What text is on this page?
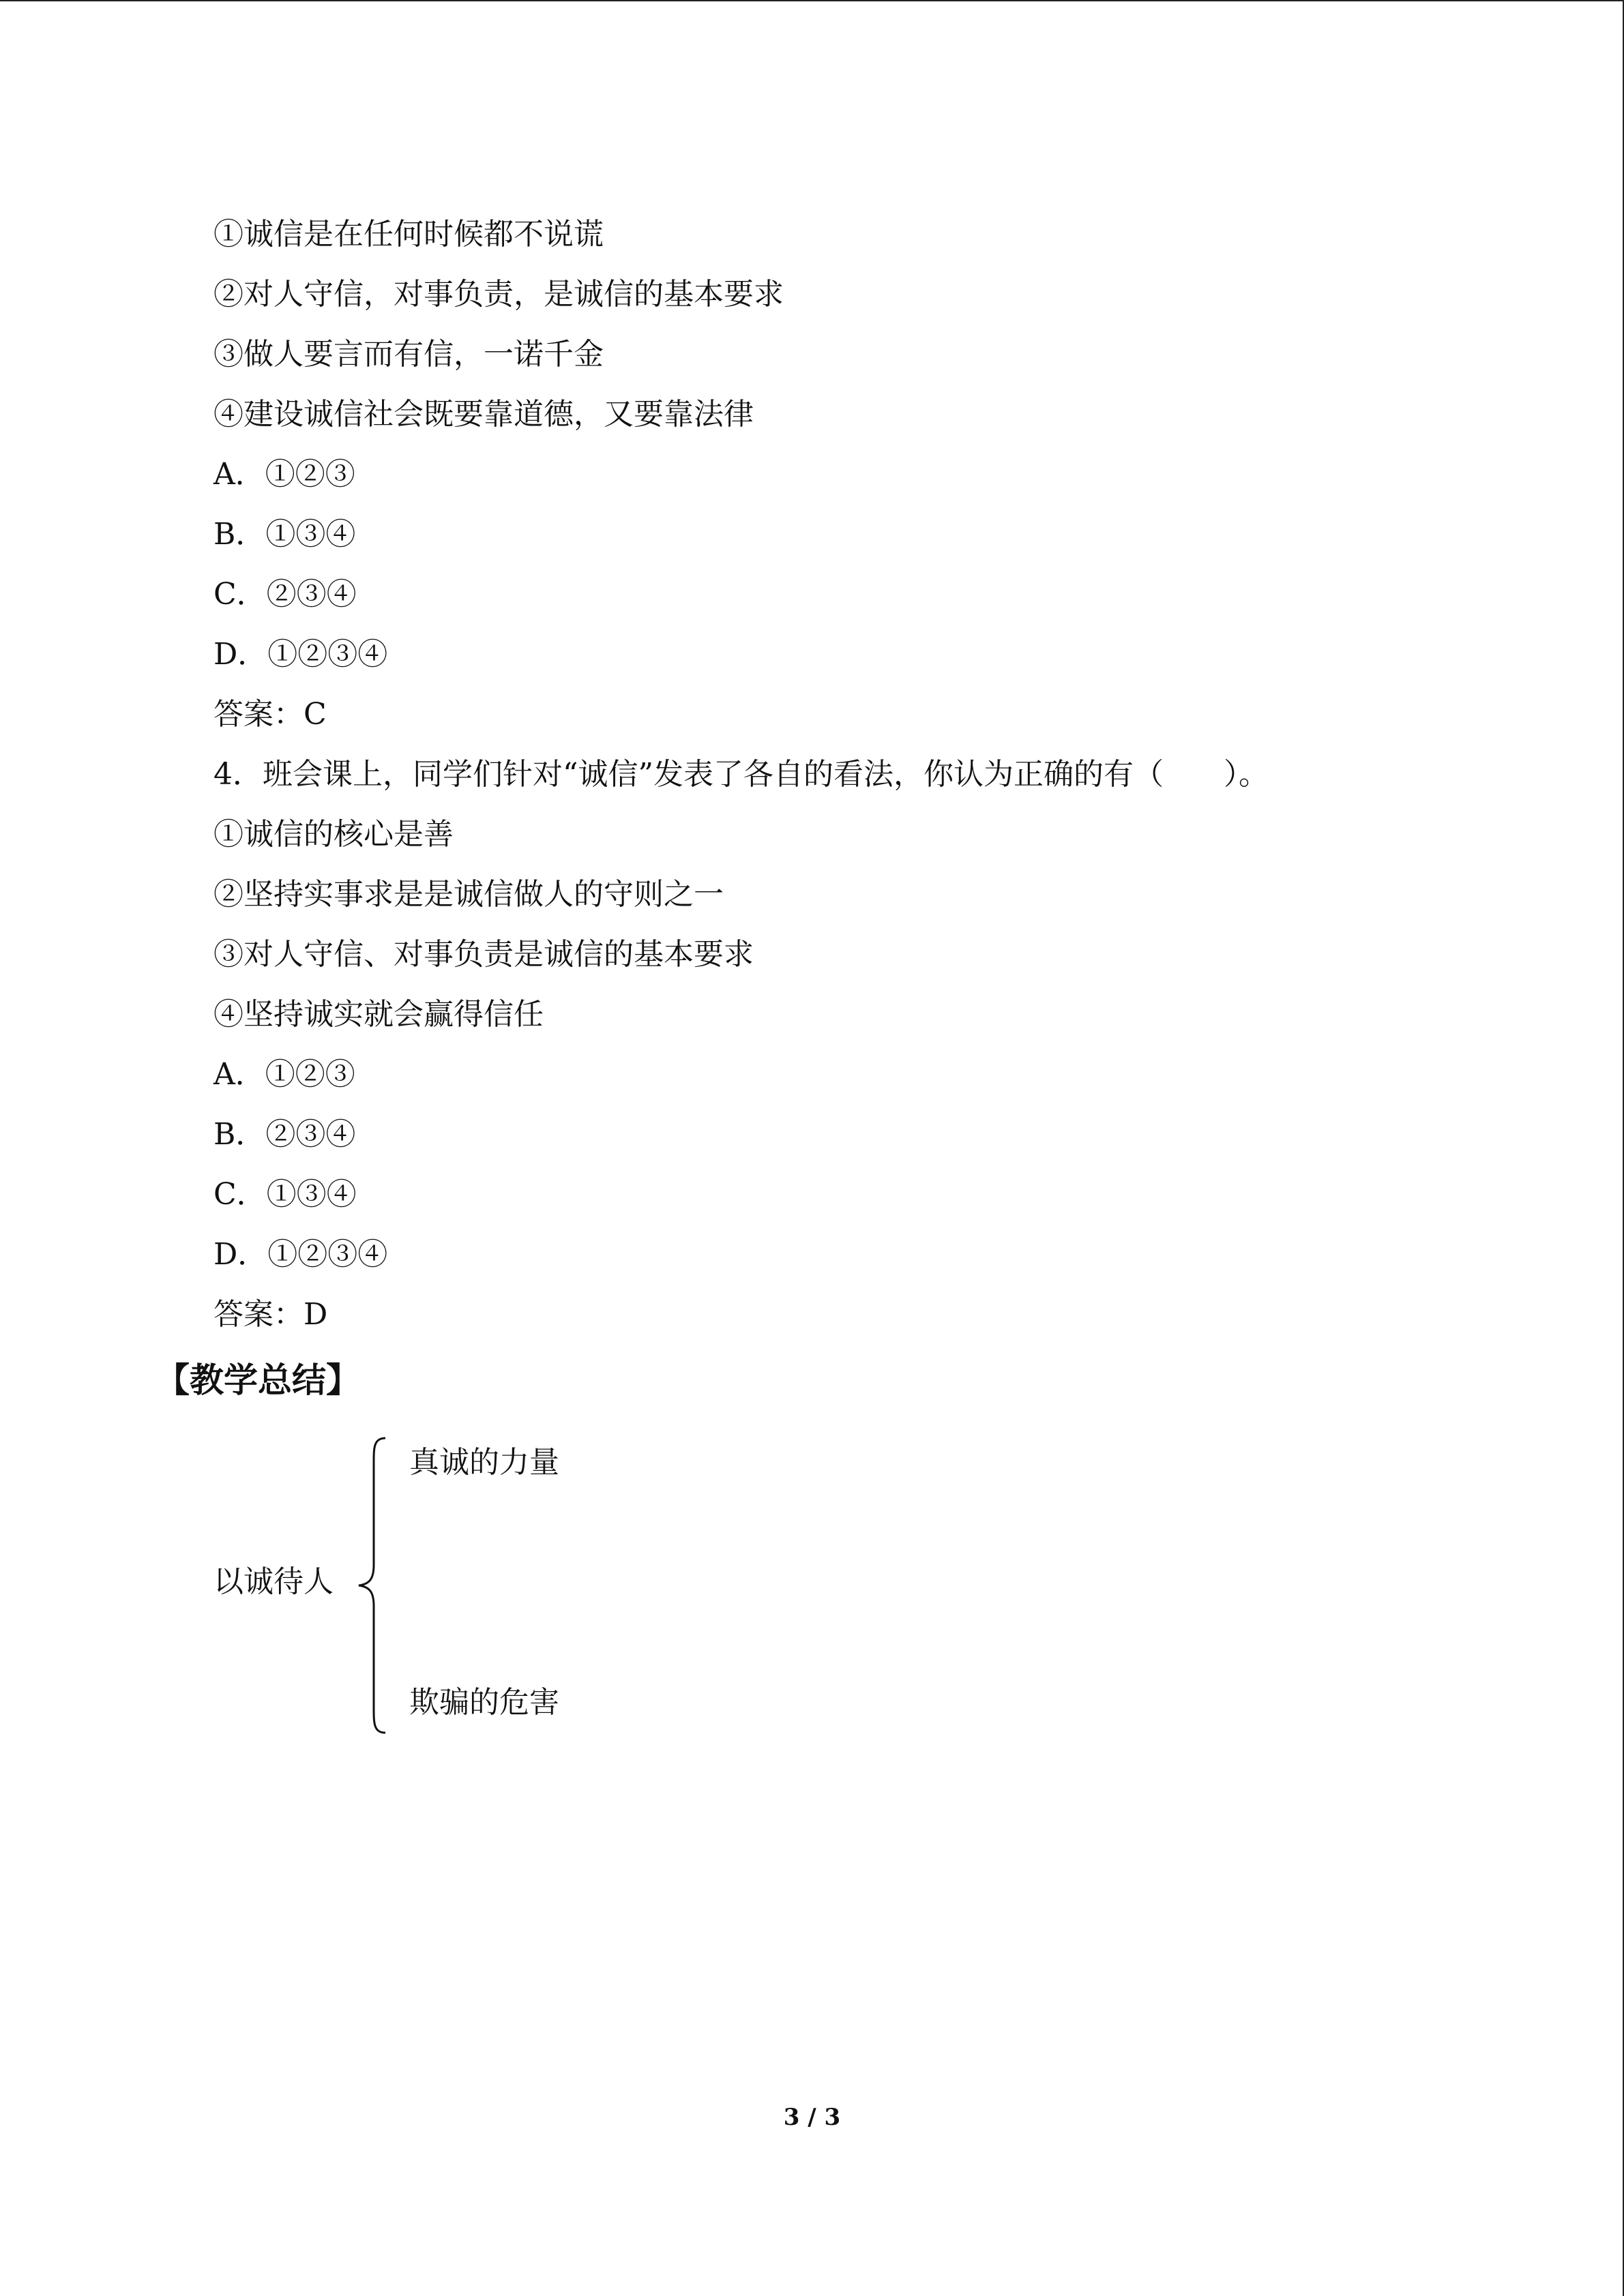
①诚信是在任何时候都不说谎
②对人守信，对事负责，是诚信的基本要求
③做人要言而有信，一诺千金
④建设诚信社会既要靠道德，又要靠法律
A．①②③
B．①③④
C．②③④
D．①②③④
答案：C
4．班会课上，同学们针对“诚信”发表了各自的看法，你认为正确的有（　　）。
①诚信的核心是善
②坚持实事求是是诚信做人的守则之一
③对人守信、对事负责是诚信的基本要求
④坚持诚实就会赢得信任
A．①②③
B．②③④
C．①③④
D．①②③④
答案：D
【教学总结】
以诚待人
真诚的力量
欺骗的危害
3 / 3
